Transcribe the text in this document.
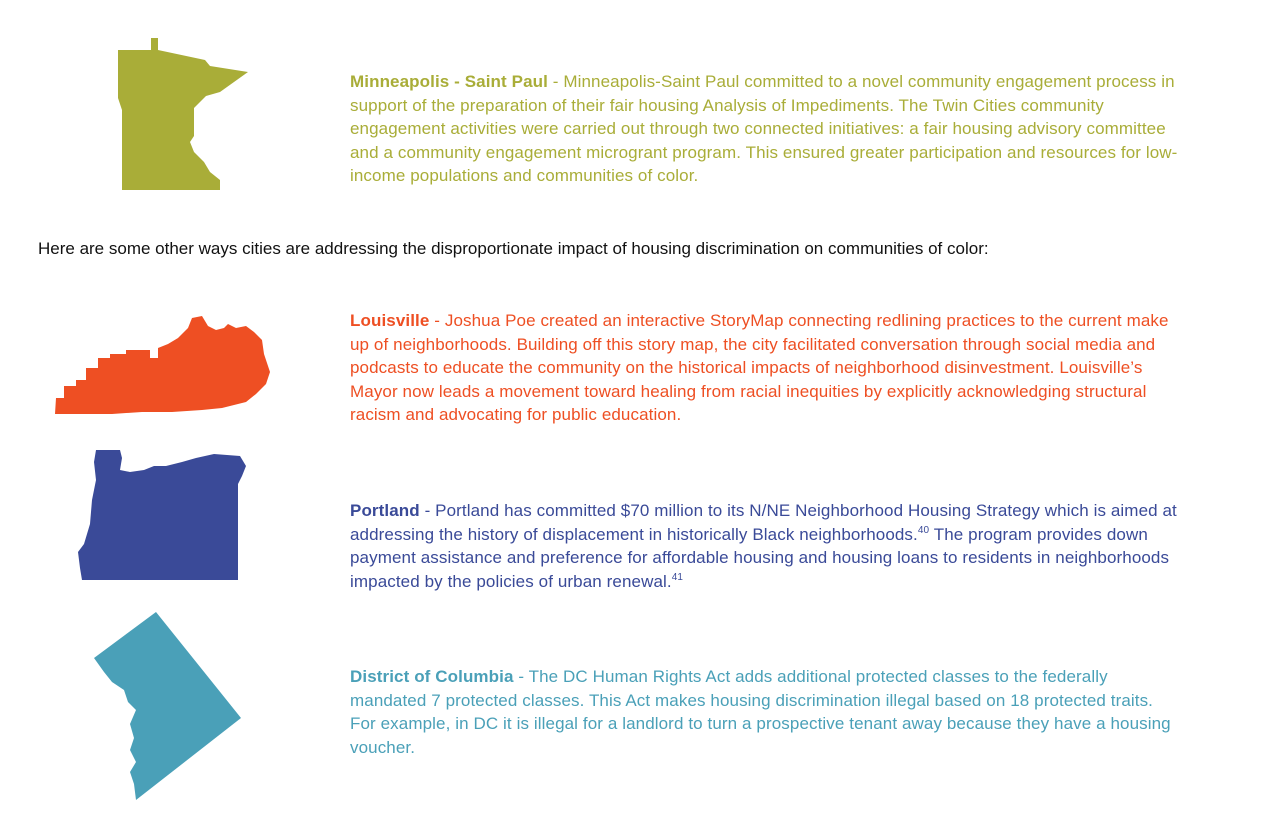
Minneapolis - Saint Paul - Minneapolis-Saint Paul committed to a novel community engagement process in support of the preparation of their fair housing Analysis of Impediments. The Twin Cities community engagement activities were carried out through two connected initiatives: a fair housing advisory committee and a community engagement microgrant program. This ensured greater participation and resources for low-income populations and communities of color.
Here are some other ways cities are addressing the disproportionate impact of housing discrimination on communities of color:
Louisville - Joshua Poe created an interactive StoryMap connecting redlining practices to the current make up of neighborhoods. Building off this story map, the city facilitated conversation through social media and podcasts to educate the community on the historical impacts of neighborhood disinvestment. Louisville’s Mayor now leads a movement toward healing from racial inequities by explicitly acknowledging structural racism and advocating for public education.
Portland - Portland has committed $70 million to its N/NE Neighborhood Housing Strategy which is aimed at addressing the history of displacement in historically Black neighborhoods.$^{40}$ The program provides down payment assistance and preference for affordable housing and housing loans to residents in neighborhoods impacted by the policies of urban renewal.$^{41}$
District of Columbia - The DC Human Rights Act adds additional protected classes to the federally mandated 7 protected classes. This Act makes housing discrimination illegal based on 18 protected traits. For example, in DC it is illegal for a landlord to turn a prospective tenant away because they have a housing voucher.
